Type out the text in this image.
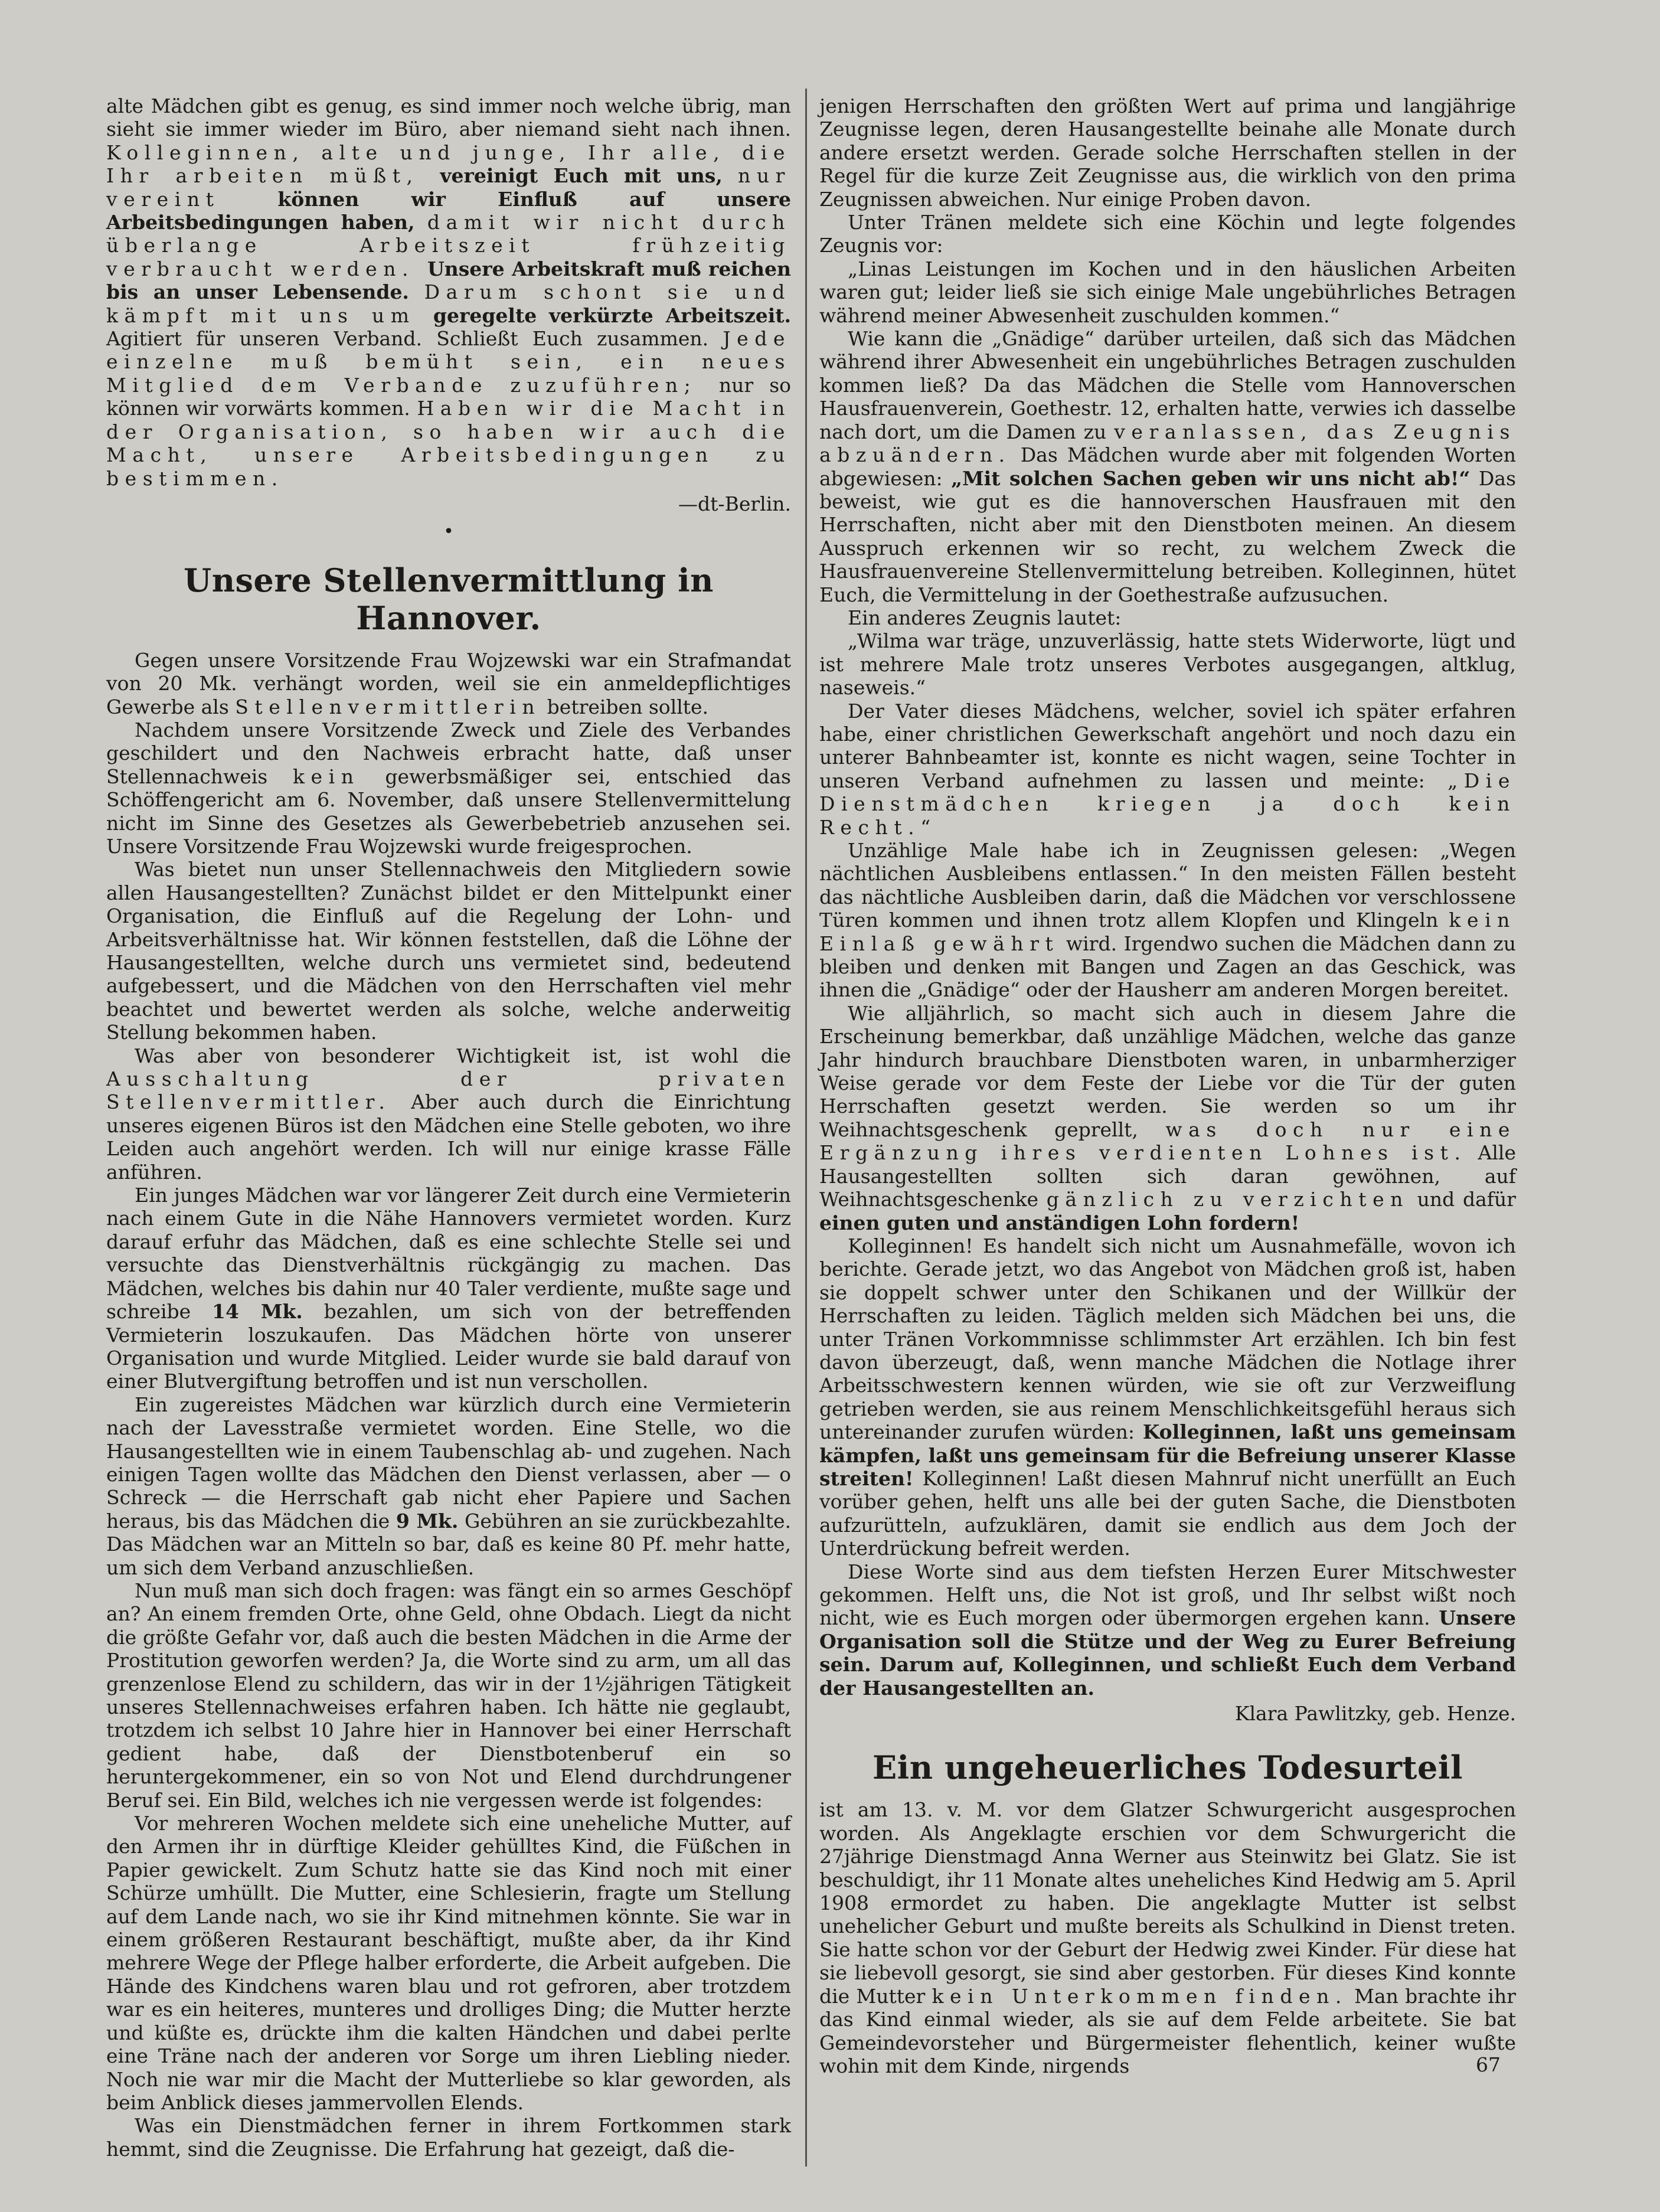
alte Mädchen gibt es genug, es sind immer noch welche übrig, man sieht sie immer wieder im Büro, aber niemand sieht nach ihnen. Kolleginnen, alte und junge, Ihr alle, die Ihr arbeiten müßt, vereinigt Euch mit uns, nur vereint können wir Einfluß auf unsere Arbeitsbedingungen haben, damit wir nicht durch überlange Arbeitszeit frühzeitig verbraucht werden. Unsere Arbeitskraft muß reichen bis an unser Lebensende. Darum schont sie und kämpft mit uns um geregelte verkürzte Arbeitszeit. Agitiert für unseren Verband. Schließt Euch zusammen. Jede einzelne muß bemüht sein, ein neues Mitglied dem Verbande zuzuführen; nur so können wir vorwärts kommen. Haben wir die Macht in der Organisation, so haben wir auch die Macht, unsere Arbeitsbedingungen zu bestimmen.

—dt-Berlin.
•
Unsere Stellenvermittlung in Hannover.

Gegen unsere Vorsitzende Frau Wojzewski war ein Strafmandat von 20 Mk. verhängt worden, weil sie ein anmeldepflichtiges Gewerbe als Stellenvermittlerin betreiben sollte.

Nachdem unsere Vorsitzende Zweck und Ziele des Verbandes geschildert und den Nachweis erbracht hatte, daß unser Stellennachweis kein gewerbsmäßiger sei, entschied das Schöffengericht am 6. November, daß unsere Stellenvermittelung nicht im Sinne des Gesetzes als Gewerbebetrieb anzusehen sei. Unsere Vorsitzende Frau Wojzewski wurde freigesprochen.

Was bietet nun unser Stellennachweis den Mitgliedern sowie allen Hausangestellten? Zunächst bildet er den Mittelpunkt einer Organisation, die Einfluß auf die Regelung der Lohn- und Arbeitsverhältnisse hat. Wir können feststellen, daß die Löhne der Hausangestellten, welche durch uns vermietet sind, bedeutend aufgebessert, und die Mädchen von den Herrschaften viel mehr beachtet und bewertet werden als solche, welche anderweitig Stellung bekommen haben.

Was aber von besonderer Wichtigkeit ist, ist wohl die Ausschaltung der privaten Stellenvermittler. Aber auch durch die Einrichtung unseres eigenen Büros ist den Mädchen eine Stelle geboten, wo ihre Leiden auch angehört werden. Ich will nur einige krasse Fälle anführen.

Ein junges Mädchen war vor längerer Zeit durch eine Vermieterin nach einem Gute in die Nähe Hannovers vermietet worden. Kurz darauf erfuhr das Mädchen, daß es eine schlechte Stelle sei und versuchte das Dienstverhältnis rückgängig zu machen. Das Mädchen, welches bis dahin nur 40 Taler verdiente, mußte sage und schreibe 14 Mk. bezahlen, um sich von der betreffenden Vermieterin loszukaufen. Das Mädchen hörte von unserer Organisation und wurde Mitglied. Leider wurde sie bald darauf von einer Blutvergiftung betroffen und ist nun verschollen.

Ein zugereistes Mädchen war kürzlich durch eine Vermieterin nach der Lavesstraße vermietet worden. Eine Stelle, wo die Hausangestellten wie in einem Taubenschlag ab- und zugehen. Nach einigen Tagen wollte das Mädchen den Dienst verlassen, aber — o Schreck — die Herrschaft gab nicht eher Papiere und Sachen heraus, bis das Mädchen die 9 Mk. Gebühren an sie zurückbezahlte. Das Mädchen war an Mitteln so bar, daß es keine 80 Pf. mehr hatte, um sich dem Verband anzuschließen.

Nun muß man sich doch fragen: was fängt ein so armes Geschöpf an? An einem fremden Orte, ohne Geld, ohne Obdach. Liegt da nicht die größte Gefahr vor, daß auch die besten Mädchen in die Arme der Prostitution geworfen werden? Ja, die Worte sind zu arm, um all das grenzenlose Elend zu schildern, das wir in der 1½jährigen Tätigkeit unseres Stellennachweises erfahren haben. Ich hätte nie geglaubt, trotzdem ich selbst 10 Jahre hier in Hannover bei einer Herrschaft gedient habe, daß der Dienstbotenberuf ein so heruntergekommener, ein so von Not und Elend durchdrungener Beruf sei. Ein Bild, welches ich nie vergessen werde ist folgendes:

Vor mehreren Wochen meldete sich eine uneheliche Mutter, auf den Armen ihr in dürftige Kleider gehülltes Kind, die Füßchen in Papier gewickelt. Zum Schutz hatte sie das Kind noch mit einer Schürze umhüllt. Die Mutter, eine Schlesierin, fragte um Stellung auf dem Lande nach, wo sie ihr Kind mitnehmen könnte. Sie war in einem größeren Restaurant beschäftigt, mußte aber, da ihr Kind mehrere Wege der Pflege halber erforderte, die Arbeit aufgeben. Die Hände des Kindchens waren blau und rot gefroren, aber trotzdem war es ein heiteres, munteres und drolliges Ding; die Mutter herzte und küßte es, drückte ihm die kalten Händchen und dabei perlte eine Träne nach der anderen vor Sorge um ihren Liebling nieder. Noch nie war mir die Macht der Mutterliebe so klar geworden, als beim Anblick dieses jammervollen Elends.

Was ein Dienstmädchen ferner in ihrem Fortkommen stark hemmt, sind die Zeugnisse. Die Erfahrung hat gezeigt, daß die-

jenigen Herrschaften den größten Wert auf prima und langjährige Zeugnisse legen, deren Hausangestellte beinahe alle Monate durch andere ersetzt werden. Gerade solche Herrschaften stellen in der Regel für die kurze Zeit Zeugnisse aus, die wirklich von den prima Zeugnissen abweichen. Nur einige Proben davon.

Unter Tränen meldete sich eine Köchin und legte folgendes Zeugnis vor:

„Linas Leistungen im Kochen und in den häuslichen Arbeiten waren gut; leider ließ sie sich einige Male ungebührliches Betragen während meiner Abwesenheit zuschulden kommen.“

Wie kann die „Gnädige“ darüber urteilen, daß sich das Mädchen während ihrer Abwesenheit ein ungebührliches Betragen zuschulden kommen ließ? Da das Mädchen die Stelle vom Hannoverschen Hausfrauenverein, Goethestr. 12, erhalten hatte, verwies ich dasselbe nach dort, um die Damen zu veranlassen, das Zeugnis abzuändern. Das Mädchen wurde aber mit folgenden Worten abgewiesen: „Mit solchen Sachen geben wir uns nicht ab!“ Das beweist, wie gut es die hannoverschen Hausfrauen mit den Herrschaften, nicht aber mit den Dienstboten meinen. An diesem Ausspruch erkennen wir so recht, zu welchem Zweck die Hausfrauenvereine Stellenvermittelung betreiben. Kolleginnen, hütet Euch, die Vermittelung in der Goethestraße aufzusuchen.

Ein anderes Zeugnis lautet:

„Wilma war träge, unzuverlässig, hatte stets Widerworte, lügt und ist mehrere Male trotz unseres Verbotes ausgegangen, altklug, naseweis.“

Der Vater dieses Mädchens, welcher, soviel ich später erfahren habe, einer christlichen Gewerkschaft angehört und noch dazu ein unterer Bahnbeamter ist, konnte es nicht wagen, seine Tochter in unseren Verband aufnehmen zu lassen und meinte: „Die Dienstmädchen kriegen ja doch kein Recht.“

Unzählige Male habe ich in Zeugnissen gelesen: „Wegen nächtlichen Ausbleibens entlassen.“ In den meisten Fällen besteht das nächtliche Ausbleiben darin, daß die Mädchen vor verschlossene Türen kommen und ihnen trotz allem Klopfen und Klingeln kein Einlaß gewährt wird. Irgendwo suchen die Mädchen dann zu bleiben und denken mit Bangen und Zagen an das Geschick, was ihnen die „Gnädige“ oder der Hausherr am anderen Morgen bereitet.

Wie alljährlich, so macht sich auch in diesem Jahre die Erscheinung bemerkbar, daß unzählige Mädchen, welche das ganze Jahr hindurch brauchbare Dienstboten waren, in unbarmherziger Weise gerade vor dem Feste der Liebe vor die Tür der guten Herrschaften gesetzt werden. Sie werden so um ihr Weihnachtsgeschenk geprellt, was doch nur eine Ergänzung ihres verdienten Lohnes ist. Alle Hausangestellten sollten sich daran gewöhnen, auf Weihnachtsgeschenke gänzlich zu verzichten und dafür einen guten und anständigen Lohn fordern!

Kolleginnen! Es handelt sich nicht um Ausnahmefälle, wovon ich berichte. Gerade jetzt, wo das Angebot von Mädchen groß ist, haben sie doppelt schwer unter den Schikanen und der Willkür der Herrschaften zu leiden. Täglich melden sich Mädchen bei uns, die unter Tränen Vorkommnisse schlimmster Art erzählen. Ich bin fest davon überzeugt, daß, wenn manche Mädchen die Notlage ihrer Arbeitsschwestern kennen würden, wie sie oft zur Verzweiflung getrieben werden, sie aus reinem Menschlichkeitsgefühl heraus sich untereinander zurufen würden: Kolleginnen, laßt uns gemeinsam kämpfen, laßt uns gemeinsam für die Befreiung unserer Klasse streiten! Kolleginnen! Laßt diesen Mahnruf nicht unerfüllt an Euch vorüber gehen, helft uns alle bei der guten Sache, die Dienstboten aufzurütteln, aufzuklären, damit sie endlich aus dem Joch der Unterdrückung befreit werden.

Diese Worte sind aus dem tiefsten Herzen Eurer Mitschwester gekommen. Helft uns, die Not ist groß, und Ihr selbst wißt noch nicht, wie es Euch morgen oder übermorgen ergehen kann. Unsere Organisation soll die Stütze und der Weg zu Eurer Befreiung sein. Darum auf, Kolleginnen, und schließt Euch dem Verband der Hausangestellten an.

Klara Pawlitzky, geb. Henze.
Ein ungeheuerliches Todesurteil

ist am 13. v. M. vor dem Glatzer Schwurgericht ausgesprochen worden. Als Angeklagte erschien vor dem Schwurgericht die 27jährige Dienstmagd Anna Werner aus Steinwitz bei Glatz. Sie ist beschuldigt, ihr 11 Monate altes uneheliches Kind Hedwig am 5. April 1908 ermordet zu haben. Die angeklagte Mutter ist selbst unehelicher Geburt und mußte bereits als Schulkind in Dienst treten. Sie hatte schon vor der Geburt der Hedwig zwei Kinder. Für diese hat sie liebevoll gesorgt, sie sind aber gestorben. Für dieses Kind konnte die Mutter kein Unterkommen finden. Man brachte ihr das Kind einmal wieder, als sie auf dem Felde arbeitete. Sie bat Gemeindevorsteher und Bürgermeister flehentlich, keiner wußte wohin mit dem Kinde, nirgends	67
